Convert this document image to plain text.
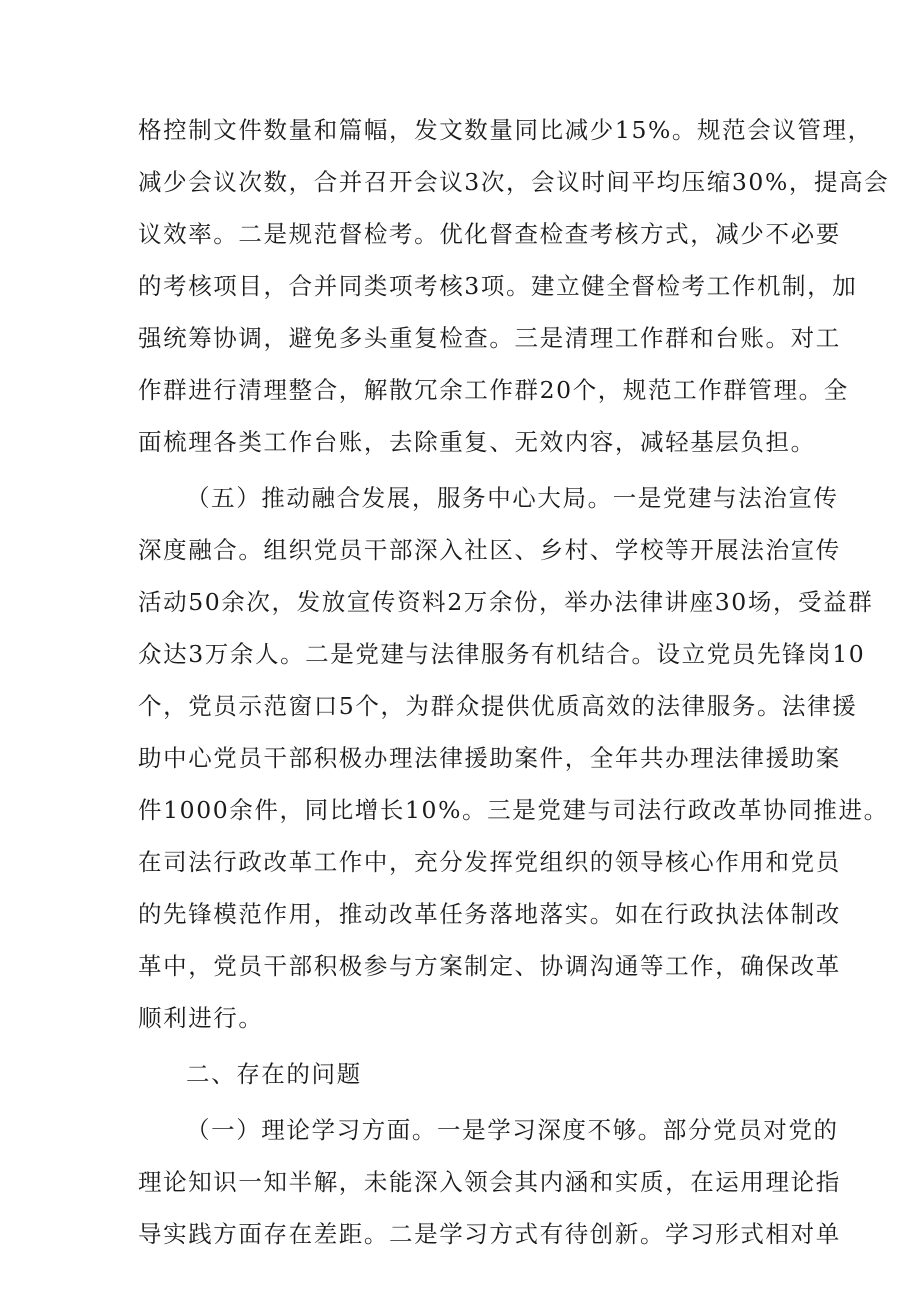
格控制文件数量和篇幅，发文数量同比减少15%。规范会议管理，
减少会议次数，合并召开会议3次，会议时间平均压缩30%，提高会
议效率。二是规范督检考。优化督查检查考核方式，减少不必要
的考核项目，合并同类项考核3项。建立健全督检考工作机制，加
强统筹协调，避免多头重复检查。三是清理工作群和台账。对工
作群进行清理整合，解散冗余工作群20个，规范工作群管理。全
面梳理各类工作台账，去除重复、无效内容，减轻基层负担。
（五）推动融合发展，服务中心大局。一是党建与法治宣传
深度融合。组织党员干部深入社区、乡村、学校等开展法治宣传
活动50余次，发放宣传资料2万余份，举办法律讲座30场，受益群
众达3万余人。二是党建与法律服务有机结合。设立党员先锋岗10
个，党员示范窗口5个，为群众提供优质高效的法律服务。法律援
助中心党员干部积极办理法律援助案件，全年共办理法律援助案
件1000余件，同比增长10%。三是党建与司法行政改革协同推进。
在司法行政改革工作中，充分发挥党组织的领导核心作用和党员
的先锋模范作用，推动改革任务落地落实。如在行政执法体制改
革中，党员干部积极参与方案制定、协调沟通等工作，确保改革
顺利进行。
二、存在的问题
（一）理论学习方面。一是学习深度不够。部分党员对党的
理论知识一知半解，未能深入领会其内涵和实质，在运用理论指
导实践方面存在差距。二是学习方式有待创新。学习形式相对单
